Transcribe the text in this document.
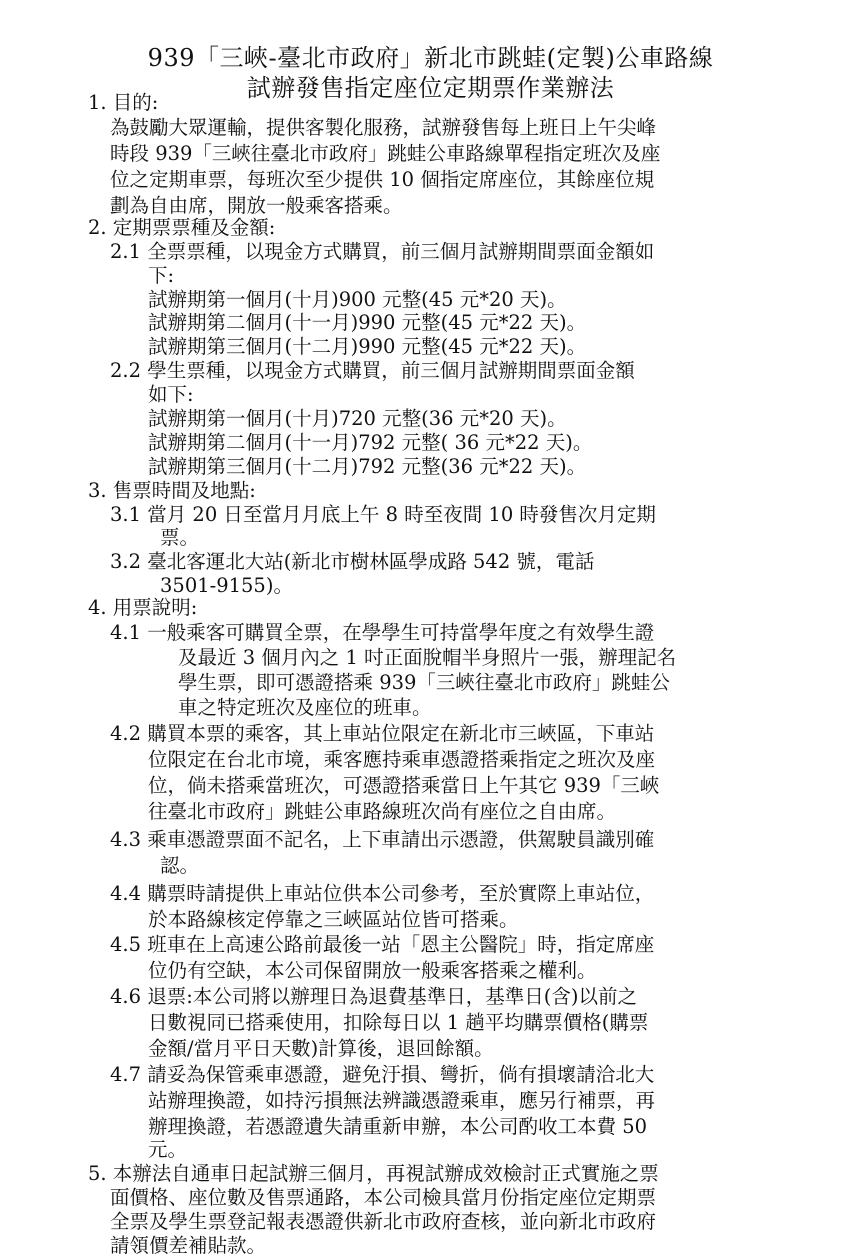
939「三峽-臺北市政府」新北市跳蛙(定製)公車路線
試辦發售指定座位定期票作業辦法

1. 目的:

為鼓勵大眾運輸，提供客製化服務，試辦發售每上班日上午尖峰

時段 939「三峽往臺北市政府」跳蛙公車路線單程指定班次及座

位之定期車票，每班次至少提供 10 個指定席座位，其餘座位規

劃為自由席，開放一般乘客搭乘。

2. 定期票票種及金額:

2.1 全票票種，以現金方式購買，前三個月試辦期間票面金額如

下:

試辦期第一個月(十月)900 元整(45 元*20 天)。

試辦期第二個月(十一月)990 元整(45 元*22 天)。

試辦期第三個月(十二月)990 元整(45 元*22 天)。

2.2 學生票種，以現金方式購買，前三個月試辦期間票面金額

如下:

試辦期第一個月(十月)720 元整(36 元*20 天)。

試辦期第二個月(十一月)792 元整( 36 元*22 天)。

試辦期第三個月(十二月)792 元整(36 元*22 天)。

3. 售票時間及地點:

3.1 當月 20 日至當月月底上午 8 時至夜間 10 時發售次月定期

票。

3.2 臺北客運北大站(新北市樹林區學成路 542 號，電話

3501-9155)。

4. 用票說明:

4.1 一般乘客可購買全票，在學學生可持當學年度之有效學生證

及最近 3 個月內之 1 吋正面脫帽半身照片一張，辦理記名

學生票，即可憑證搭乘 939「三峽往臺北市政府」跳蛙公

車之特定班次及座位的班車。

4.2 購買本票的乘客，其上車站位限定在新北市三峽區，下車站

位限定在台北市境，乘客應持乘車憑證搭乘指定之班次及座

位，倘未搭乘當班次，可憑證搭乘當日上午其它 939「三峽

往臺北市政府」跳蛙公車路線班次尚有座位之自由席。

4.3 乘車憑證票面不記名，上下車請出示憑證，供駕駛員識別確

認。

4.4 購票時請提供上車站位供本公司參考，至於實際上車站位，

於本路線核定停靠之三峽區站位皆可搭乘。

4.5 班車在上高速公路前最後一站「恩主公醫院」時，指定席座

位仍有空缺，本公司保留開放一般乘客搭乘之權利。

4.6 退票:本公司將以辦理日為退費基準日，基準日(含)以前之

日數視同已搭乘使用，扣除每日以 1 趟平均購票價格(購票

金額/當月平日天數)計算後，退回餘額。

4.7 請妥為保管乘車憑證，避免汙損、彎折，倘有損壞請洽北大

站辦理換證，如持污損無法辨識憑證乘車，應另行補票，再

辦理換證，若憑證遺失請重新申辦，本公司酌收工本費 50

元。

5. 本辦法自通車日起試辦三個月，再視試辦成效檢討正式實施之票

面價格、座位數及售票通路，本公司檢具當月份指定座位定期票

全票及學生票登記報表憑證供新北市政府查核，並向新北市政府

請領價差補貼款。
